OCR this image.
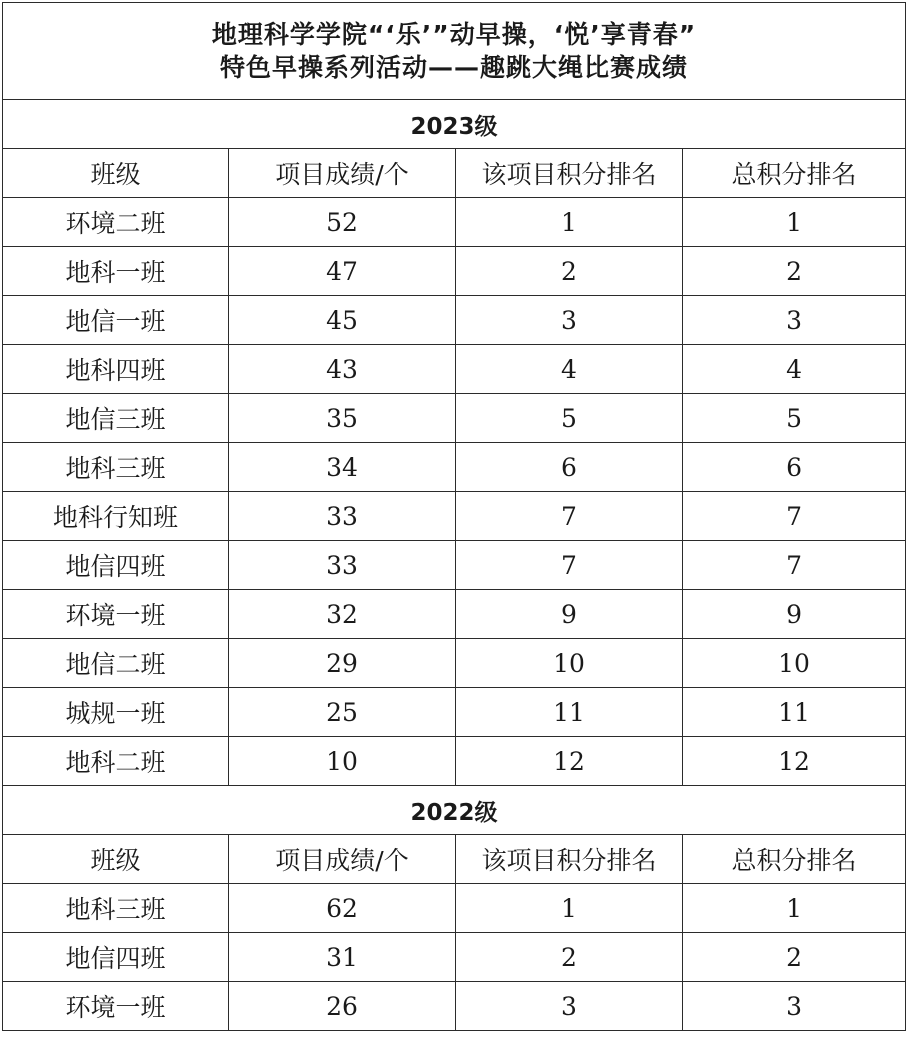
地理科学学院“‘乐’”动早操，‘悦’享青春”
特色早操系列活动——趣跳大绳比赛成绩			

2023级			
班级	项目成绩/个	该项目积分排名	总积分排名
环境二班	52	1	1
地科一班	47	2	2
地信一班	45	3	3
地科四班	43	4	4
地信三班	35	5	5
地科三班	34	6	6
地科行知班	33	7	7
地信四班	33	7	7
环境一班	32	9	9
地信二班	29	10	10
城规一班	25	11	11
地科二班	10	12	12
2022级			
班级	项目成绩/个	该项目积分排名	总积分排名
地科三班	62	1	1
地信四班	31	2	2
环境一班	26	3	3
